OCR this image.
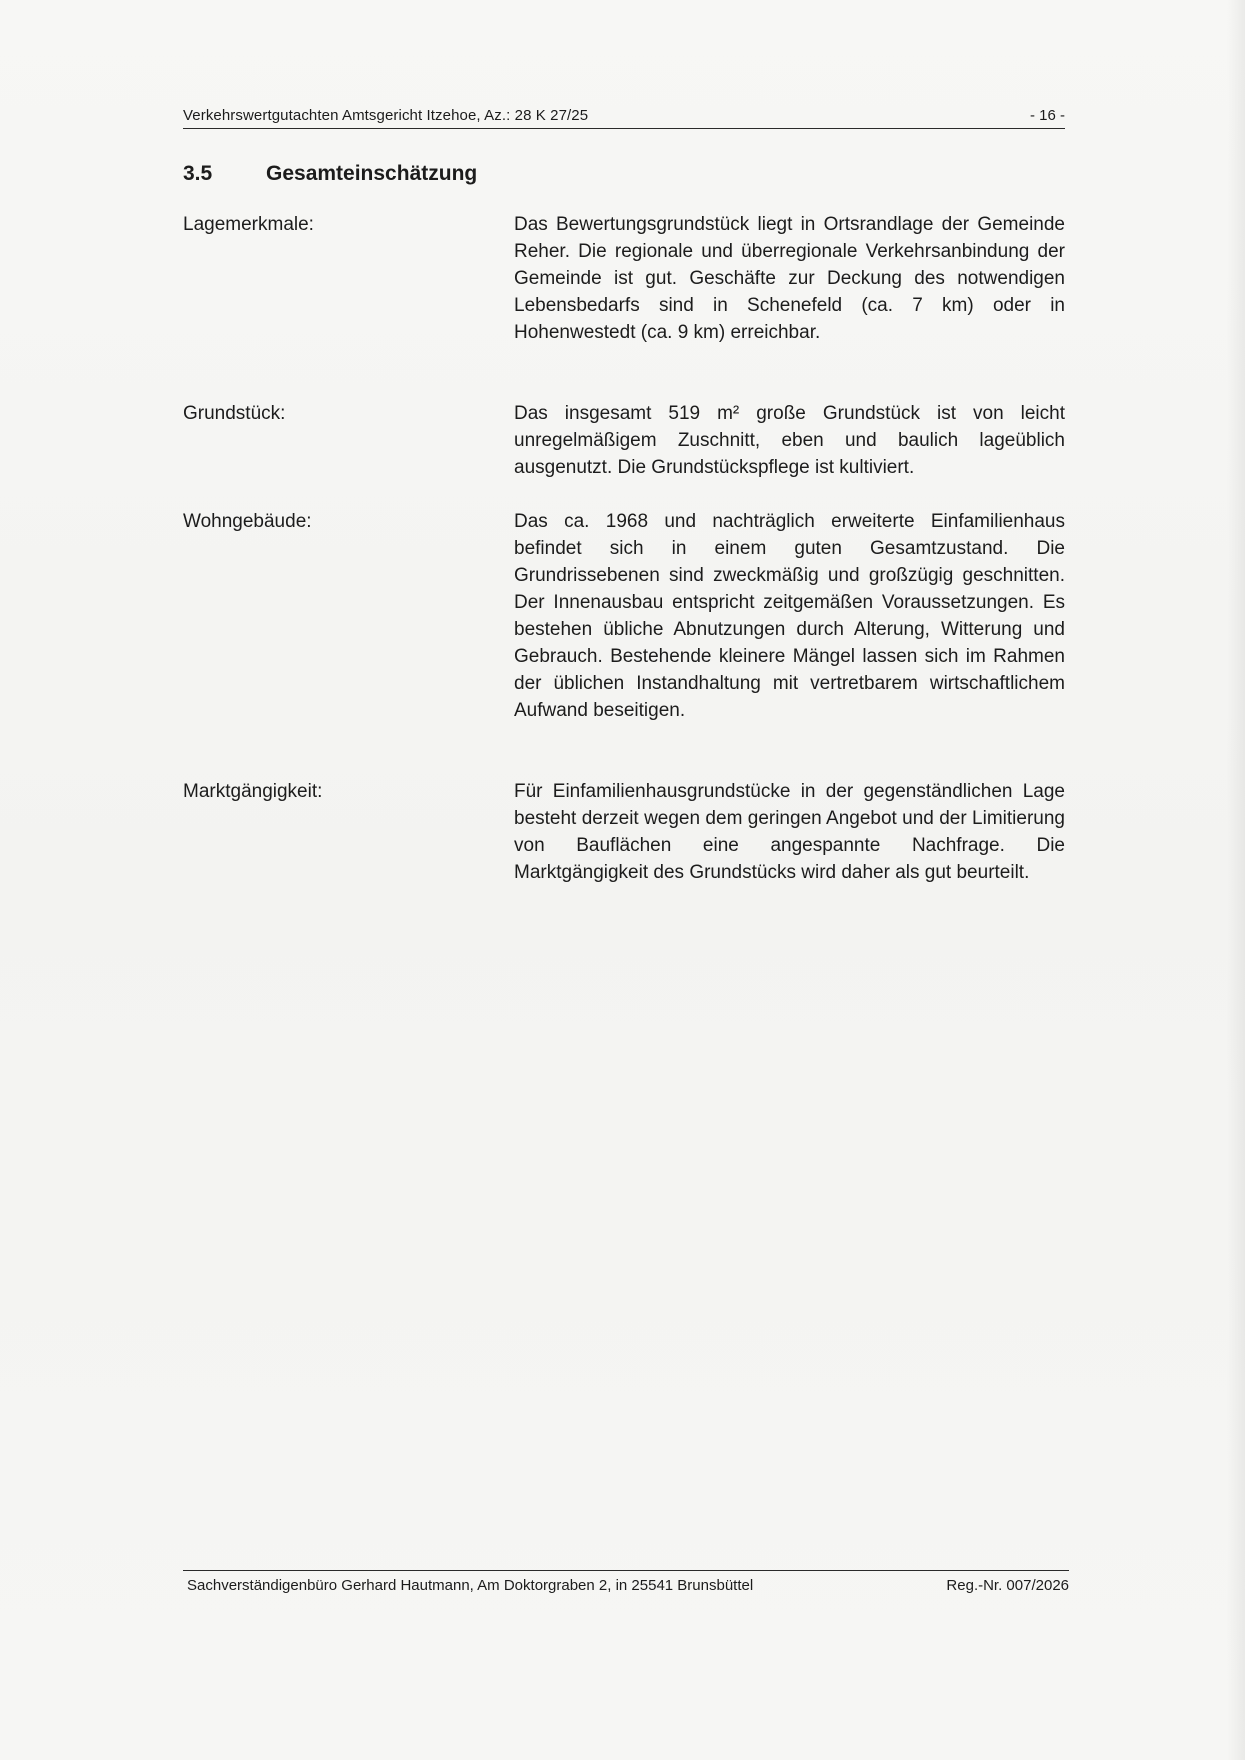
Verkehrswertgutachten Amtsgericht Itzehoe, Az.: 28 K 27/25	- 16 -
3.5	Gesamteinschätzung
Lagemerkmale:	Das Bewertungsgrundstück liegt in Ortsrandlage der Gemeinde Reher. Die regionale und überregionale Verkehrsanbindung der Gemeinde ist gut. Geschäfte zur Deckung des notwendigen Lebensbedarfs sind in Schenefeld (ca. 7 km) oder in Hohenwestedt (ca. 9 km) erreichbar.

Grundstück:	Das insgesamt 519 m² große Grundstück ist von leicht unregelmäßigem Zuschnitt, eben und baulich lageüblich ausgenutzt. Die Grundstückspflege ist kultiviert.

Wohngebäude:	Das ca. 1968 und nachträglich erweiterte Einfamilienhaus befindet sich in einem guten Gesamtzustand. Die Grundrissebenen sind zweckmäßig und großzügig geschnitten. Der Innenausbau entspricht zeitgemäßen Voraussetzungen. Es bestehen übliche Abnutzungen durch Alterung, Witterung und Gebrauch. Bestehende kleinere Mängel lassen sich im Rahmen der üblichen Instandhaltung mit vertretbarem wirtschaftlichem Aufwand beseitigen.

Marktgängigkeit:	Für Einfamilienhausgrundstücke in der gegenständlichen Lage besteht derzeit wegen dem geringen Angebot und der Limitierung von Bauflächen eine angespannte Nachfrage. Die Marktgängigkeit des Grundstücks wird daher als gut beurteilt.

Sachverständigenbüro Gerhard Hautmann, Am Doktorgraben 2, in 25541 Brunsbüttel	Reg.-Nr. 007/2026
